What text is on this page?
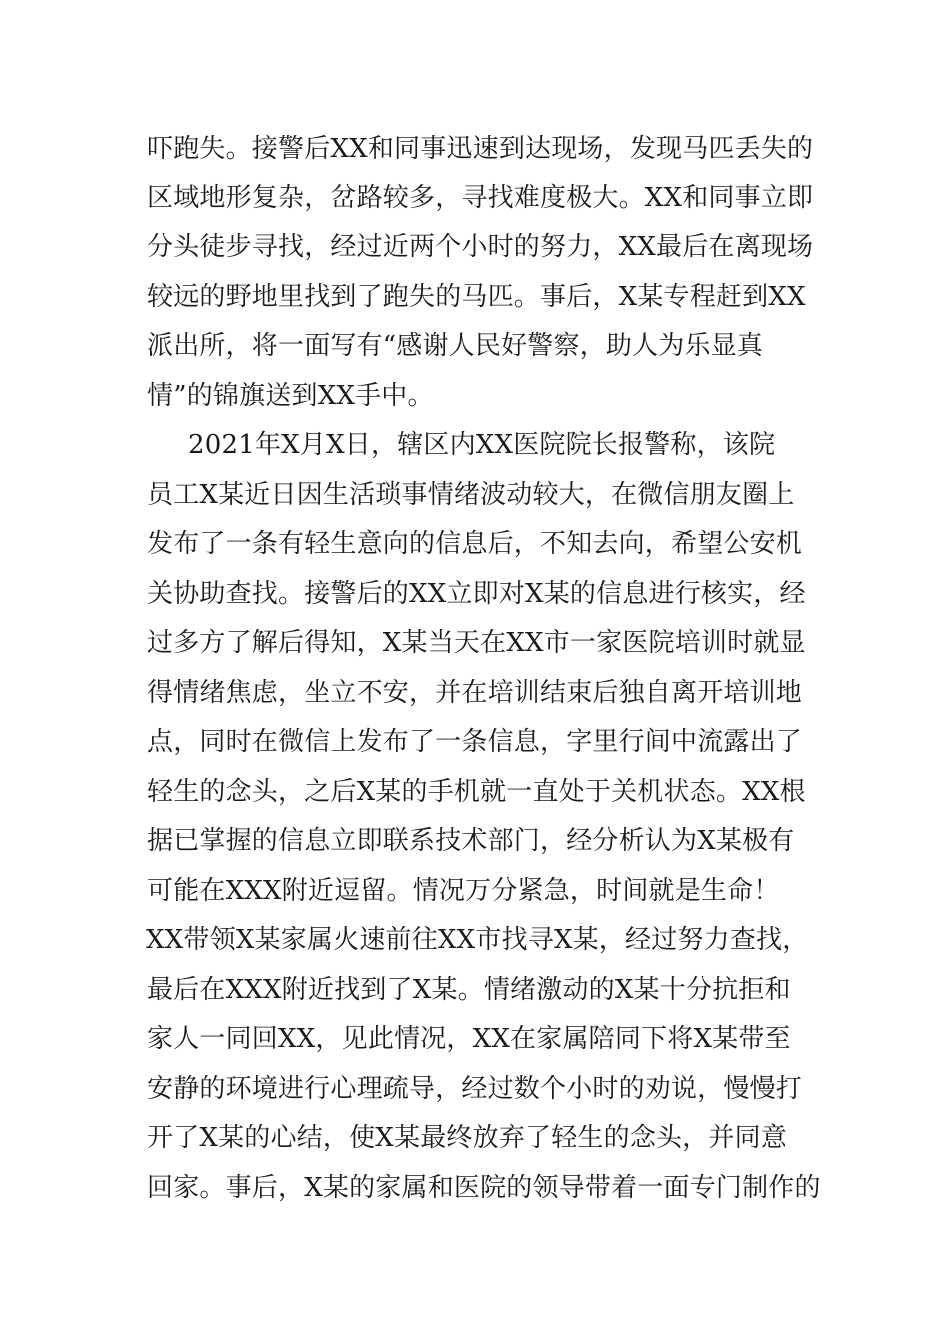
吓跑失。接警后XX和同事迅速到达现场，发现马匹丢失的
区域地形复杂，岔路较多，寻找难度极大。XX和同事立即
分头徒步寻找，经过近两个小时的努力，XX最后在离现场
较远的野地里找到了跑失的马匹。事后，X某专程赶到XX
派出所，将一面写有“感谢人民好警察，助人为乐显真
情”的锦旗送到XX手中。
2021年X月X日，辖区内XX医院院长报警称，该院
员工X某近日因生活琐事情绪波动较大，在微信朋友圈上
发布了一条有轻生意向的信息后，不知去向，希望公安机
关协助查找。接警后的XX立即对X某的信息进行核实，经
过多方了解后得知，X某当天在XX市一家医院培训时就显
得情绪焦虑，坐立不安，并在培训结束后独自离开培训地
点，同时在微信上发布了一条信息，字里行间中流露出了
轻生的念头，之后X某的手机就一直处于关机状态。XX根
据已掌握的信息立即联系技术部门，经分析认为X某极有
可能在XXX附近逗留。情况万分紧急，时间就是生命！
XX带领X某家属火速前往XX市找寻X某，经过努力查找，
最后在XXX附近找到了X某。情绪激动的X某十分抗拒和
家人一同回XX，见此情况，XX在家属陪同下将X某带至
安静的环境进行心理疏导，经过数个小时的劝说，慢慢打
开了X某的心结，使X某最终放弃了轻生的念头，并同意
回家。事后，X某的家属和医院的领导带着一面专门制作的
